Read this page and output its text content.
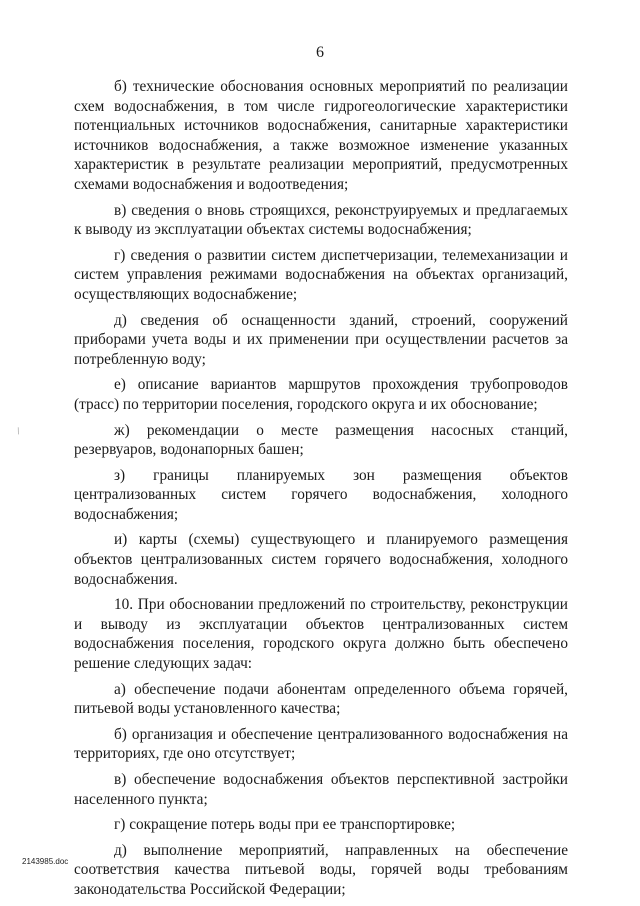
6
/

б) технические обоснования основных мероприятий по реализации схем водоснабжения, в том числе гидрогеологические характеристики потенциальных источников водоснабжения, санитарные характеристики источников водоснабжения, а также возможное изменение указанных характеристик в результате реализации мероприятий, предусмотренных схемами водоснабжения и водоотведения;

в) сведения о вновь строящихся, реконструируемых и предлагаемых к выводу из эксплуатации объектах системы водоснабжения;

г) сведения о развитии систем диспетчеризации, телемеханизации и систем управления режимами водоснабжения на объектах организаций, осуществляющих водоснабжение;

д) сведения об оснащенности зданий, строений, сооружений приборами учета воды и их применении при осуществлении расчетов за потребленную воду;

е) описание вариантов маршрутов прохождения трубопроводов (трасс) по территории поселения, городского округа и их обоснование;

ж) рекомендации о месте размещения насосных станций, резервуаров, водонапорных башен;

з) границы планируемых зон размещения объектов централизованных систем горячего водоснабжения, холодного водоснабжения;

и) карты (схемы) существующего и планируемого размещения объектов централизованных систем горячего водоснабжения, холодного водоснабжения.

10. При обосновании предложений по строительству, реконструкции и выводу из эксплуатации объектов централизованных систем водоснабжения поселения, городского округа должно быть обеспечено решение следующих задач:

а) обеспечение подачи абонентам определенного объема горячей, питьевой воды установленного качества;

б) организация и обеспечение централизованного водоснабжения на территориях, где оно отсутствует;

в) обеспечение водоснабжения объектов перспективной застройки населенного пункта;

г) сокращение потерь воды при ее транспортировке;

д) выполнение мероприятий, направленных на обеспечение соответствия качества питьевой воды, горячей воды требованиям законодательства Российской Федерации;

2143985.doc
